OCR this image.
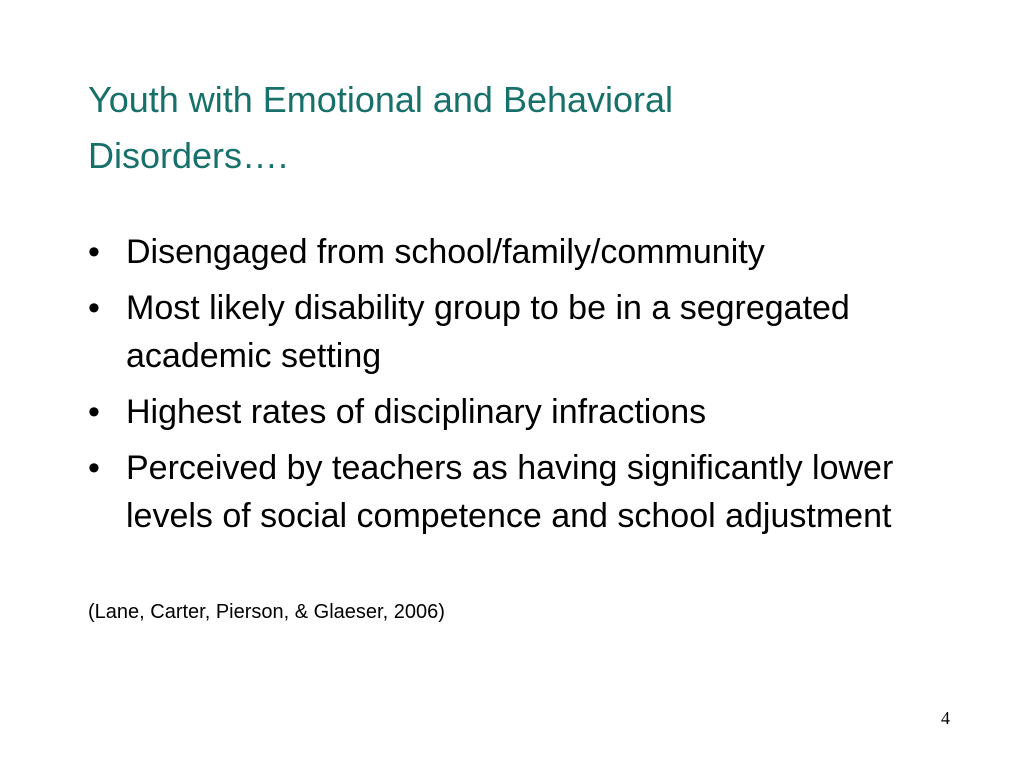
Youth with Emotional and Behavioral
Disorders….
• Disengaged from school/family/community
• Most likely disability group to be in a segregated academic setting
• Highest rates of disciplinary infractions
• Perceived by teachers as having significantly lower levels of social competence and school adjustment
(Lane, Carter, Pierson, & Glaeser, 2006)
4
